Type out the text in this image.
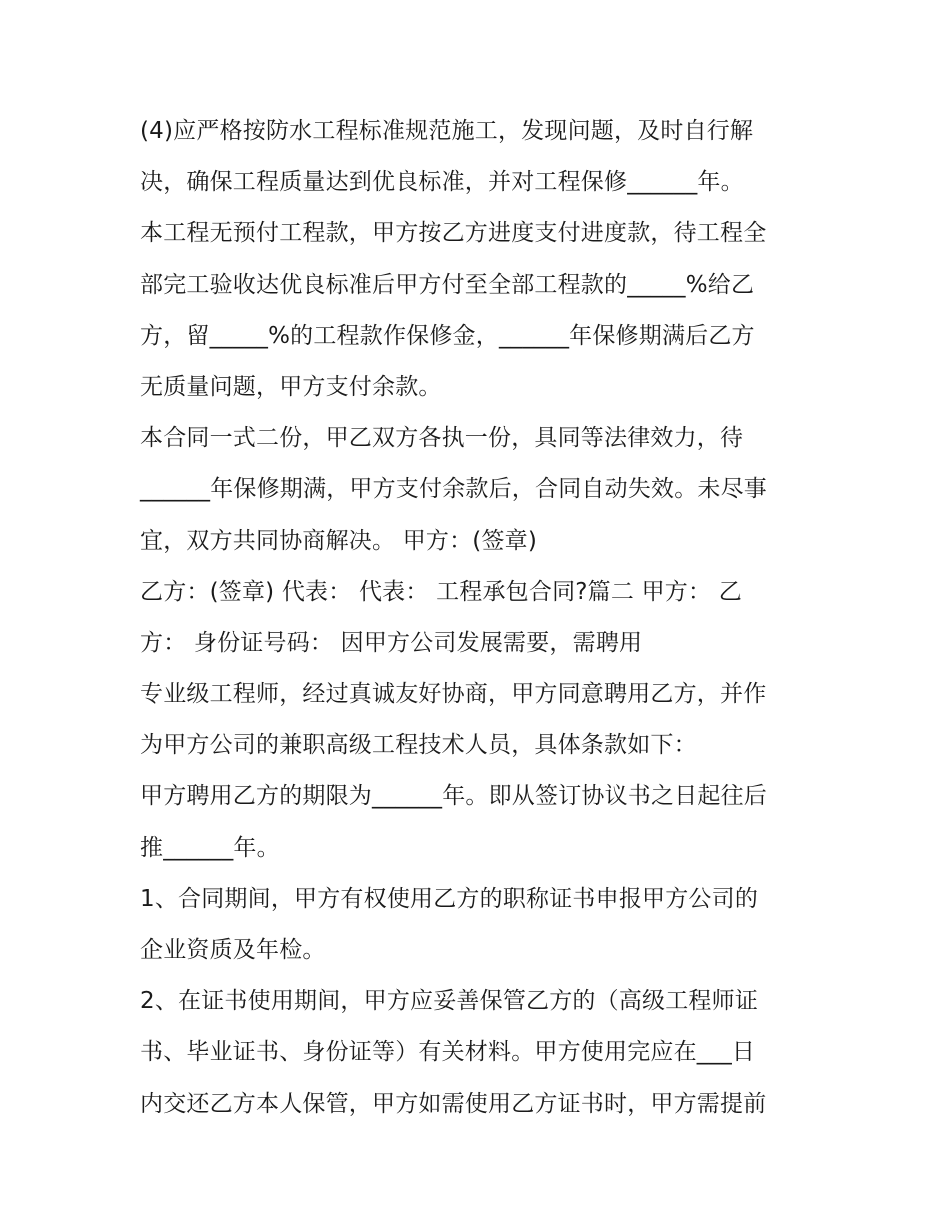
(4)应严格按防水工程标准规范施工，发现问题，及时自行解
决，确保工程质量达到优良标准，并对工程保修______年。
本工程无预付工程款，甲方按乙方进度支付进度款，待工程全
部完工验收达优良标准后甲方付至全部工程款的_____%给乙
方，留_____%的工程款作保修金，______年保修期满后乙方
无质量问题，甲方支付余款。
本合同一式二份，甲乙双方各执一份，具同等法律效力，待
______年保修期满，甲方支付余款后，合同自动失效。未尽事
宜，双方共同协商解决。 甲方：(签章)
乙方：(签章) 代表： 代表： 工程承包合同?篇二 甲方： 乙
方： 身份证号码： 因甲方公司发展需要，需聘用
专业级工程师，经过真诚友好协商，甲方同意聘用乙方，并作
为甲方公司的兼职高级工程技术人员，具体条款如下：
甲方聘用乙方的期限为______年。即从签订协议书之日起往后
推______年。
1、合同期间，甲方有权使用乙方的职称证书申报甲方公司的
企业资质及年检。
2、在证书使用期间，甲方应妥善保管乙方的（高级工程师证
书、毕业证书、身份证等）有关材料。甲方使用完应在___日
内交还乙方本人保管，甲方如需使用乙方证书时，甲方需提前
